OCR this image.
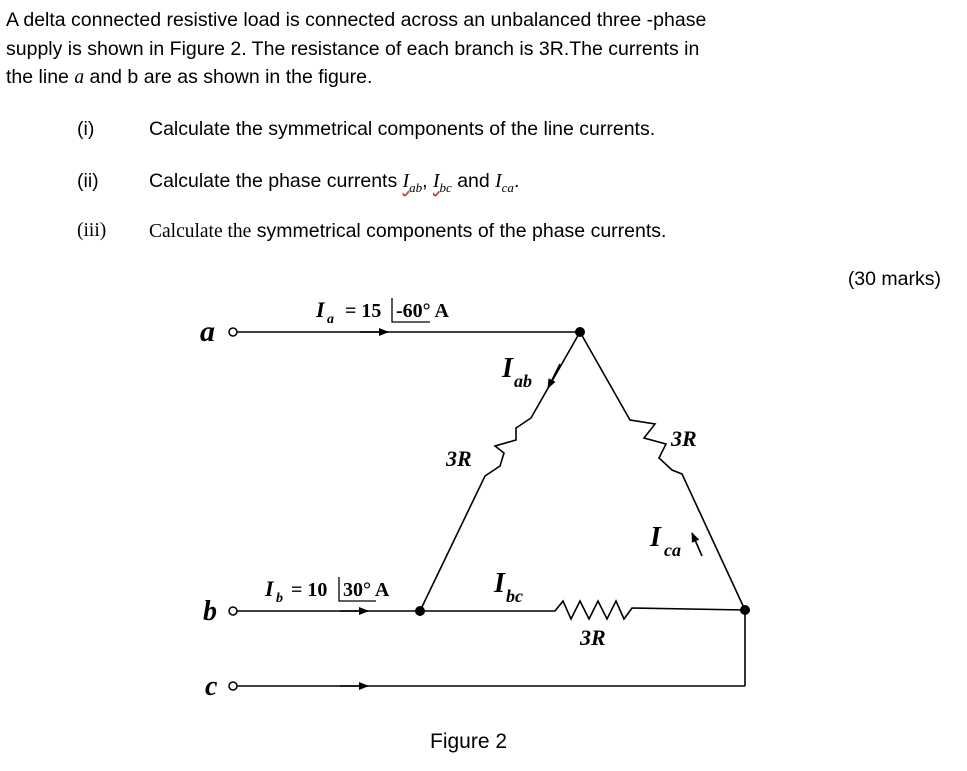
A delta connected resistive load is connected across an unbalanced three -phase
supply is shown in Figure 2. The resistance of each branch is 3R.The currents in
the line a and b are as shown in the figure.
(i)	Calculate the symmetrical components of the line currents.
(ii)	Calculate the phase currents $I_{ab}$, $I_{bc}$ and $I_{ca}$.
(iii) Calculate the symmetrical components of the phase currents.
(30 marks)
a
b
c
I a = 15 -60° A
I b = 10 30° A
I ab
I ca
I bc
3R
3R
3R
Figure 2
